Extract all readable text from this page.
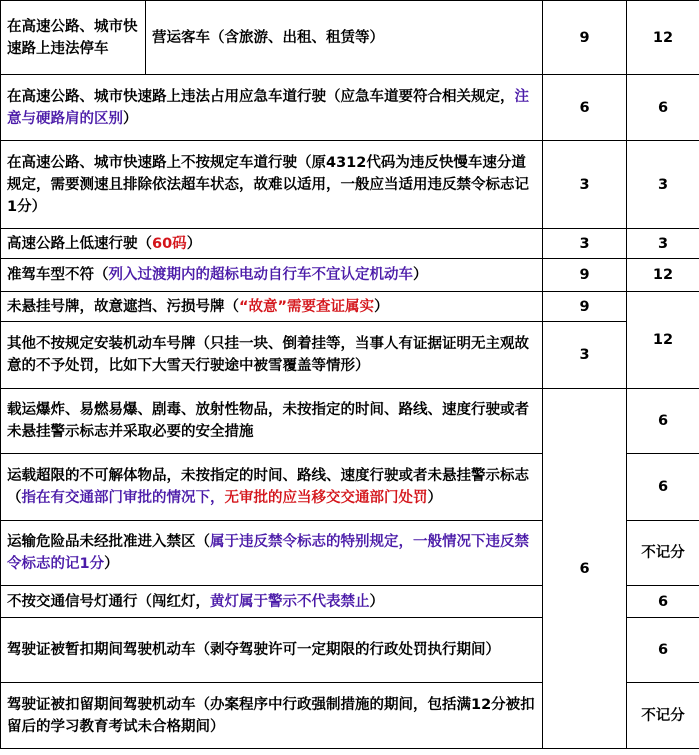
在高速公路、城市快速路上违法停车	营运客车（含旅游、出租、租赁等）	9	12
在高速公路、城市快速路上违法占用应急车道行驶（应急车道要符合相关规定，注意与硬路肩的区别）		6	6
在高速公路、城市快速路上不按规定车道行驶（原4312代码为违反快慢车速分道规定，需要测速且排除依法超车状态，故难以适用，一般应当适用违反禁令标志记1分）		3	3
高速公路上低速行驶（60码）		3	3
准驾车型不符（列入过渡期内的超标电动自行车不宜认定机动车）		9	12
未悬挂号牌，故意遮挡、污损号牌（“故意”需要查证属实）		9	12
其他不按规定安装机动车号牌（只挂一块、倒着挂等，当事人有证据证明无主观故意的不予处罚，比如下大雪天行驶途中被雪覆盖等情形）		3	
载运爆炸、易燃易爆、剧毒、放射性物品，未按指定的时间、路线、速度行驶或者未悬挂警示标志并采取必要的安全措施		6	6
运载超限的不可解体物品，未按指定的时间、路线、速度行驶或者未悬挂警示标志（指在有交通部门审批的情况下，无审批的应当移交交通部门处罚）			6
运输危险品未经批准进入禁区（属于违反禁令标志的特别规定，一般情况下违反禁令标志的记1分）			不记分
不按交通信号灯通行（闯红灯，黄灯属于警示不代表禁止）			6
驾驶证被暂扣期间驾驶机动车（剥夺驾驶许可一定期限的行政处罚执行期间）			6
驾驶证被扣留期间驾驶机动车（办案程序中行政强制措施的期间，包括满12分被扣留后的学习教育考试未合格期间）			不记分
